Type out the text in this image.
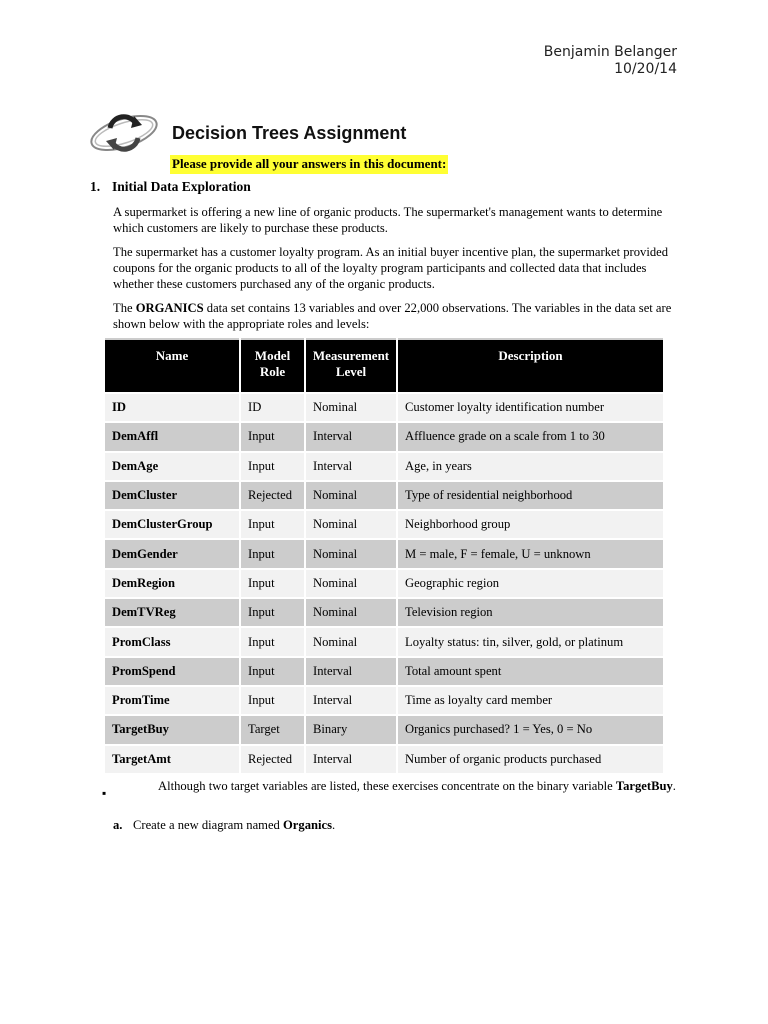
Benjamin Belanger
10/20/14
Decision Trees Assignment
Please provide all your answers in this document:
1. Initial Data Exploration
A supermarket is offering a new line of organic products. The supermarket's management wants to determine which customers are likely to purchase these products.
The supermarket has a customer loyalty program. As an initial buyer incentive plan, the supermarket provided coupons for the organic products to all of the loyalty program participants and collected data that includes whether these customers purchased any of the organic products.
The ORGANICS data set contains 13 variables and over 22,000 observations. The variables in the data set are shown below with the appropriate roles and levels:
Name	Model Role	Measurement Level	Description
ID	ID	Nominal	Customer loyalty identification number
DemAffl	Input	Interval	Affluence grade on a scale from 1 to 30
DemAge	Input	Interval	Age, in years
DemCluster	Rejected	Nominal	Type of residential neighborhood
DemClusterGroup	Input	Nominal	Neighborhood group
DemGender	Input	Nominal	M = male, F = female, U = unknown
DemRegion	Input	Nominal	Geographic region
DemTVReg	Input	Nominal	Television region
PromClass	Input	Nominal	Loyalty status: tin, silver, gold, or platinum
PromSpend	Input	Interval	Total amount spent
PromTime	Input	Interval	Time as loyalty card member
TargetBuy	Target	Binary	Organics purchased? 1 = Yes, 0 = No
TargetAmt	Rejected	Interval	Number of organic products purchased
▪	Although two target variables are listed, these exercises concentrate on the binary variable TargetBuy.
a. Create a new diagram named Organics.
